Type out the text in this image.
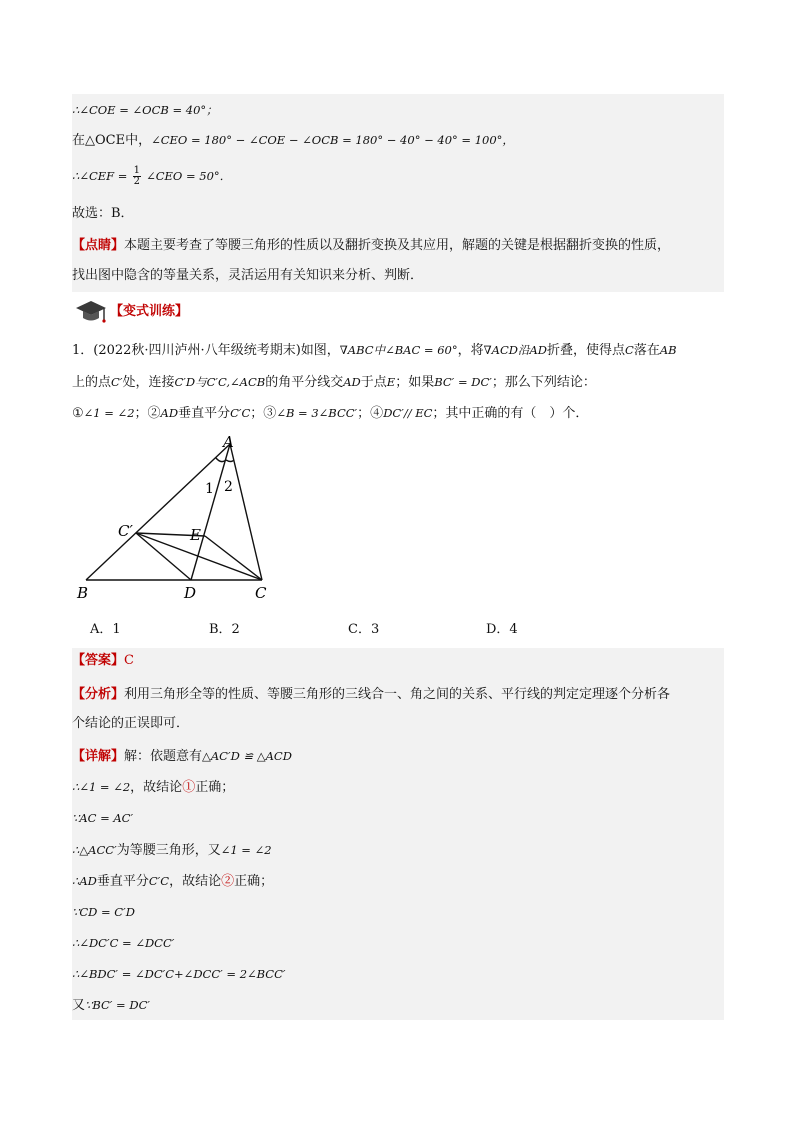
∴∠COE = ∠OCB = 40°；
在△OCE中，∠CEO = 180° − ∠COE − ∠OCB = 180° − 40° − 40° = 100°，
∴∠CEF = $\frac{1}{2}$ ∠CEO = 50°．
故选：B．
【点睛】本题主要考查了等腰三角形的性质以及翻折变换及其应用，解题的关键是根据翻折变换的性质，
找出图中隐含的等量关系，灵活运用有关知识来分析、判断．
【变式训练】
1．(2022秋·四川泸州·八年级统考期末)如图，∇ABC中∠BAC = 60°，将∇ACD沿AD折叠，使得点C落在AB
上的点C′处，连接C′D与C′C,∠ACB的角平分线交AD于点E；如果BC′ = DC′；那么下列结论：
①∠1 = ∠2；②AD垂直平分C′C；③∠B = 3∠BCC′；④DC′// EC；其中正确的有（　）个．
A
B	C
D
E
C′
1 2
A．1	B．2	C．3	D．4
【答案】C
【分析】利用三角形全等的性质、等腰三角形的三线合一、角之间的关系、平行线的判定定理逐个分析各
个结论的正误即可．
【详解】解：依题意有△AC′D ≌ △ACD
∴∠1 = ∠2，故结论①正确；
∵AC = AC′
∴△ACC′为等腰三角形，又∠1 = ∠2
∴AD垂直平分C′C，故结论②正确；
∵CD = C′D
∴∠DC′C = ∠DCC′
∴∠BDC′ = ∠DC′C+∠DCC′ = 2∠BCC′
又∵BC′ = DC′
